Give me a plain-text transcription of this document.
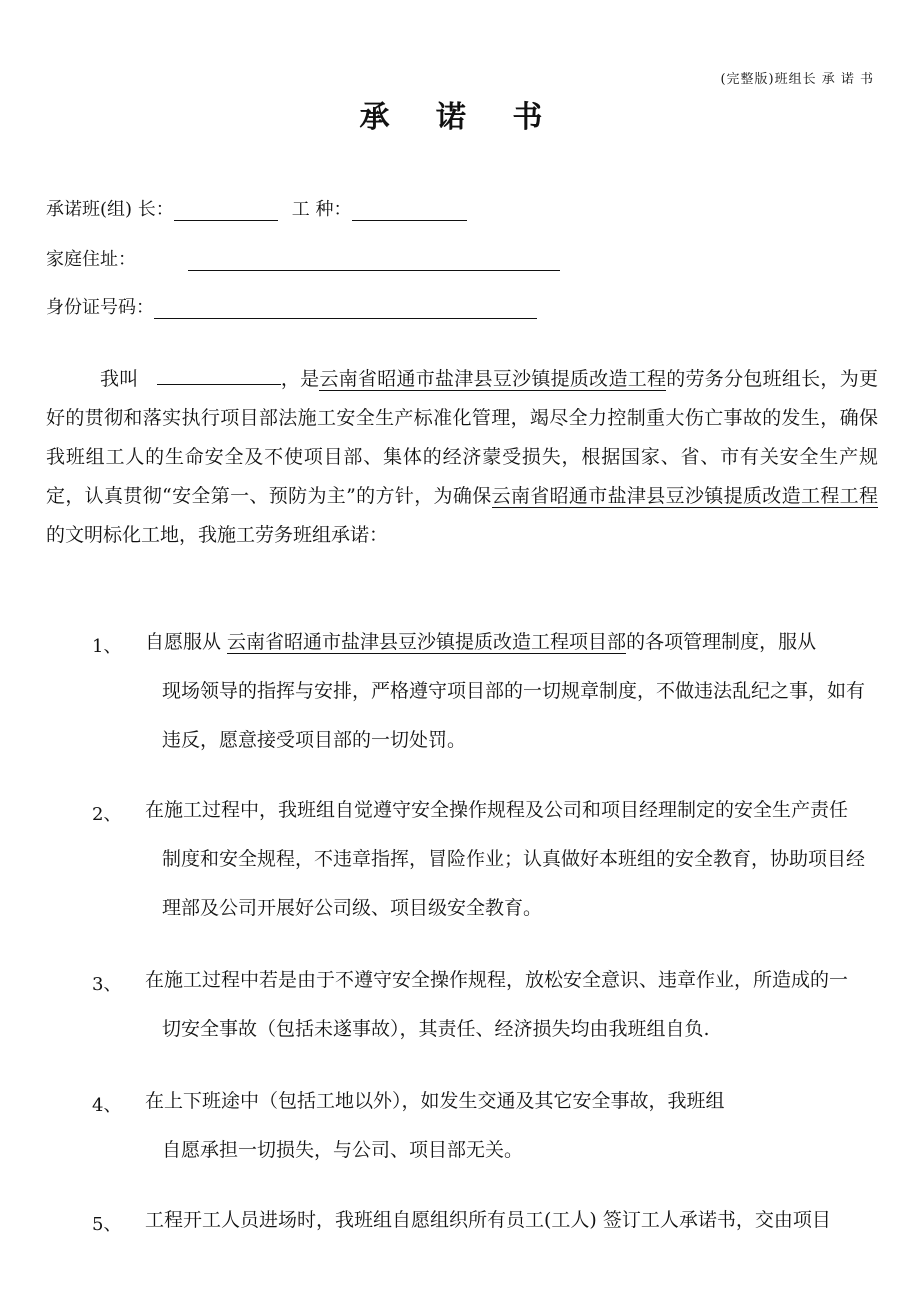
(完整版)班组长 承 诺 书
承 诺 书
承诺班(组) 长：	工 种：
家庭住址：
身份证号码：
我叫	，是云南省昭通市盐津县豆沙镇提质改造工程的劳务分包班组长，为更好的贯彻和落实执行项目部法施工安全生产标准化管理，竭尽全力控制重大伤亡事故的发生，确保我班组工人的生命安全及不使项目部、集体的经济蒙受损失，根据国家、省、市有关安全生产规定，认真贯彻“安全第一、预防为主”的方针，为确保云南省昭通市盐津县豆沙镇提质改造工程工程的文明标化工地，我施工劳务班组承诺：
1、 自愿服从 云南省昭通市盐津县豆沙镇提质改造工程项目部的各项管理制度，服从
现场领导的指挥与安排，严格遵守项目部的一切规章制度，不做违法乱纪之事，如有违反，愿意接受项目部的一切处罚。
2、 在施工过程中，我班组自觉遵守安全操作规程及公司和项目经理制定的安全生产责任
制度和安全规程，不违章指挥，冒险作业；认真做好本班组的安全教育，协助项目经理部及公司开展好公司级、项目级安全教育。
3、 在施工过程中若是由于不遵守安全操作规程，放松安全意识、违章作业，所造成的一
切安全事故（包括未遂事故），其责任、经济损失均由我班组自负.
4、 在上下班途中（包括工地以外），如发生交通及其它安全事故，我班组
自愿承担一切损失，与公司、项目部无关。
5、 工程开工人员进场时，我班组自愿组织所有员工(工人) 签订工人承诺书，交由项目
